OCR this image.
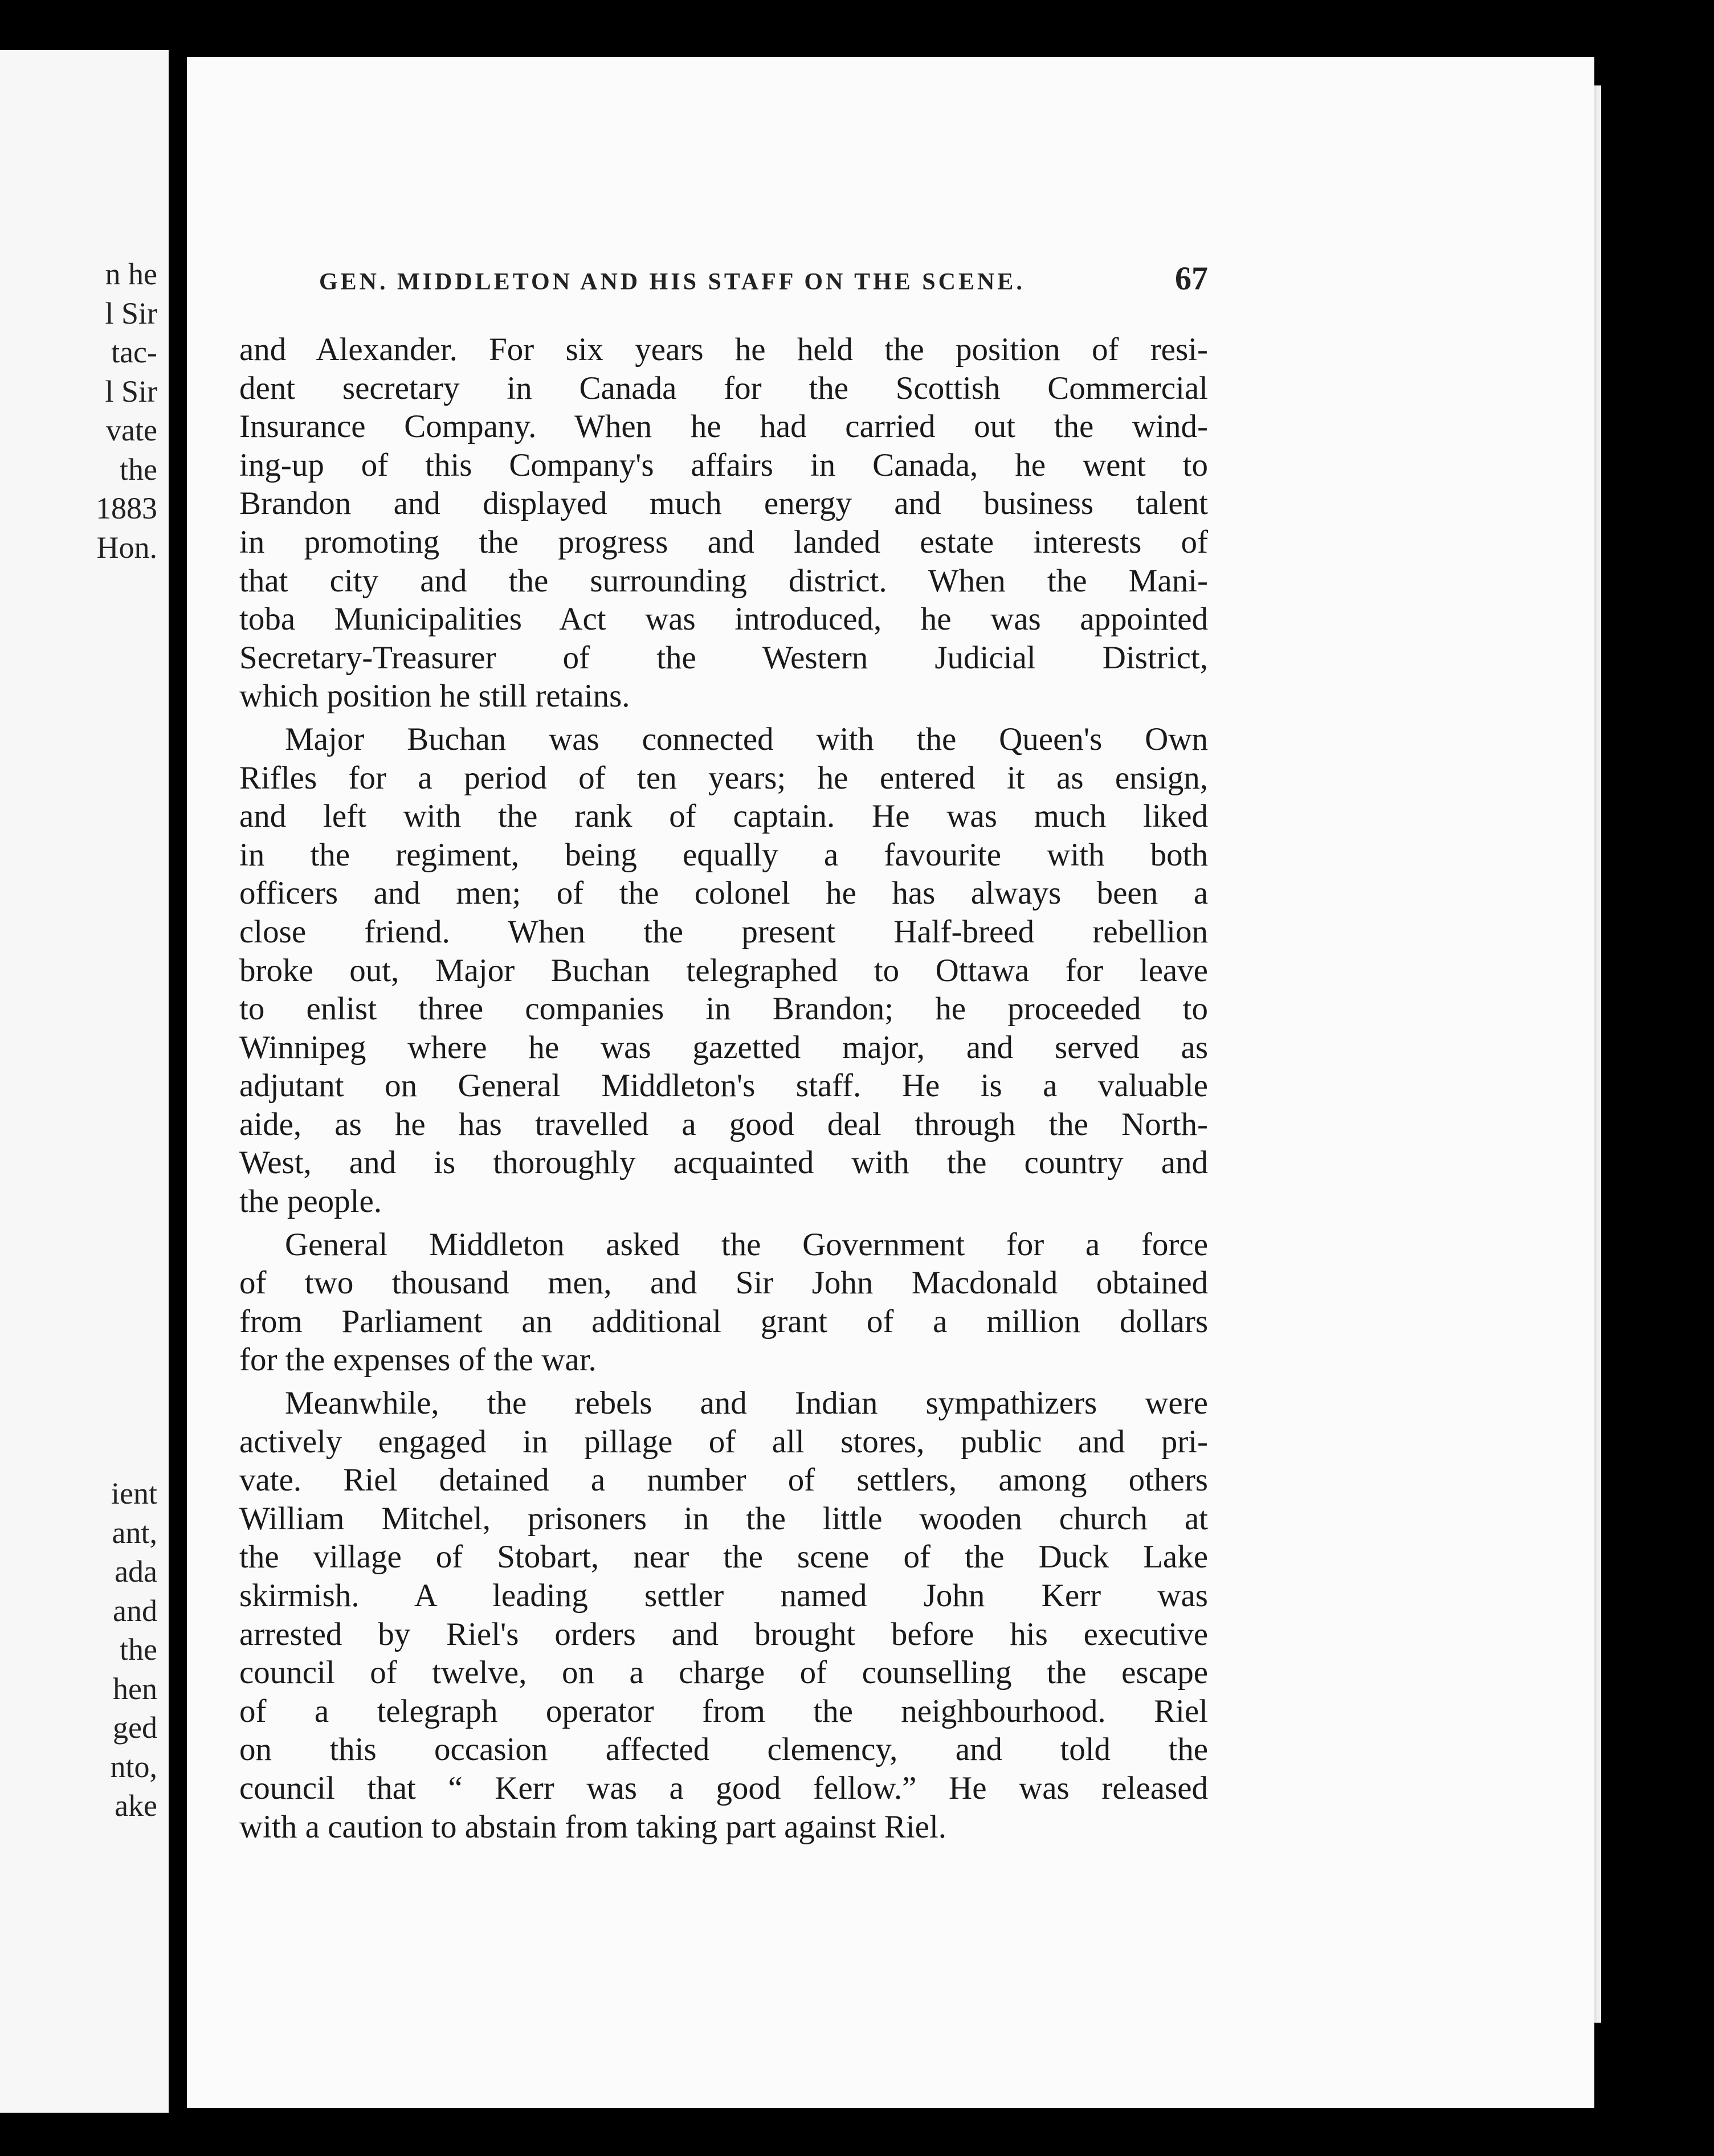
n he
l Sir
tac-
l Sir
vate
the
1883
Hon.
ient
ant,
ada
and
the
hen
ged
nto,
ake
GEN. MIDDLETON AND HIS STAFF ON THE SCENE.	67
and Alexander. For six years he held the position of resi-
dent secretary in Canada for the Scottish Commercial
Insurance Company. When he had carried out the wind-
ing-up of this Company's affairs in Canada, he went to
Brandon and displayed much energy and business talent
in promoting the progress and landed estate interests of
that city and the surrounding district. When the Mani-
toba Municipalities Act was introduced, he was appointed
Secretary-Treasurer of the Western Judicial District,
which position he still retains.
Major Buchan was connected with the Queen's Own
Rifles for a period of ten years; he entered it as ensign,
and left with the rank of captain. He was much liked
in the regiment, being equally a favourite with both
officers and men; of the colonel he has always been a
close friend. When the present Half-breed rebellion
broke out, Major Buchan telegraphed to Ottawa for leave
to enlist three companies in Brandon; he proceeded to
Winnipeg where he was gazetted major, and served as
adjutant on General Middleton's staff. He is a valuable
aide, as he has travelled a good deal through the North-
West, and is thoroughly acquainted with the country and
the people.
General Middleton asked the Government for a force
of two thousand men, and Sir John Macdonald obtained
from Parliament an additional grant of a million dollars
for the expenses of the war.
Meanwhile, the rebels and Indian sympathizers were
actively engaged in pillage of all stores, public and pri-
vate. Riel detained a number of settlers, among others
William Mitchel, prisoners in the little wooden church at
the village of Stobart, near the scene of the Duck Lake
skirmish. A leading settler named John Kerr was
arrested by Riel's orders and brought before his executive
council of twelve, on a charge of counselling the escape
of a telegraph operator from the neighbourhood. Riel
on this occasion affected clemency, and told the
council that “ Kerr was a good fellow.” He was released
with a caution to abstain from taking part against Riel.
